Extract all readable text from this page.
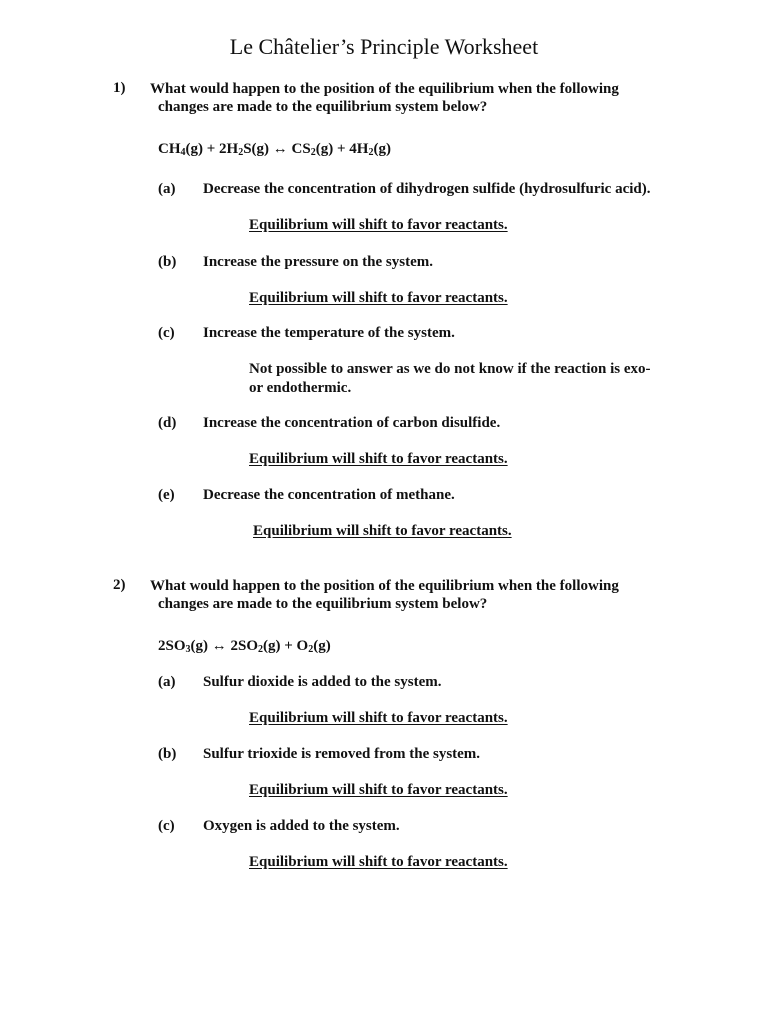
Le Châtelier’s Principle Worksheet
1) What would happen to the position of the equilibrium when the following
changes are made to the equilibrium system below?
$CH_4(g) + 2H_2S(g)$ ↔ $CS_2(g) + 4H_2(g)$
(a) Decrease the concentration of dihydrogen sulfide (hydrosulfuric acid).
Equilibrium will shift to favor reactants.
(b) Increase the pressure on the system.
Equilibrium will shift to favor reactants.
(c) Increase the temperature of the system.
Not possible to answer as we do not know if the reaction is exo-
or endothermic.
(d) Increase the concentration of carbon disulfide.
Equilibrium will shift to favor reactants.
(e) Decrease the concentration of methane.
Equilibrium will shift to favor reactants.
2) What would happen to the position of the equilibrium when the following
changes are made to the equilibrium system below?
$2SO_3(g)$ ↔ $2SO_2(g) + O_2(g)$
(a) Sulfur dioxide is added to the system.
Equilibrium will shift to favor reactants.
(b) Sulfur trioxide is removed from the system.
Equilibrium will shift to favor reactants.
(c) Oxygen is added to the system.
Equilibrium will shift to favor reactants.
